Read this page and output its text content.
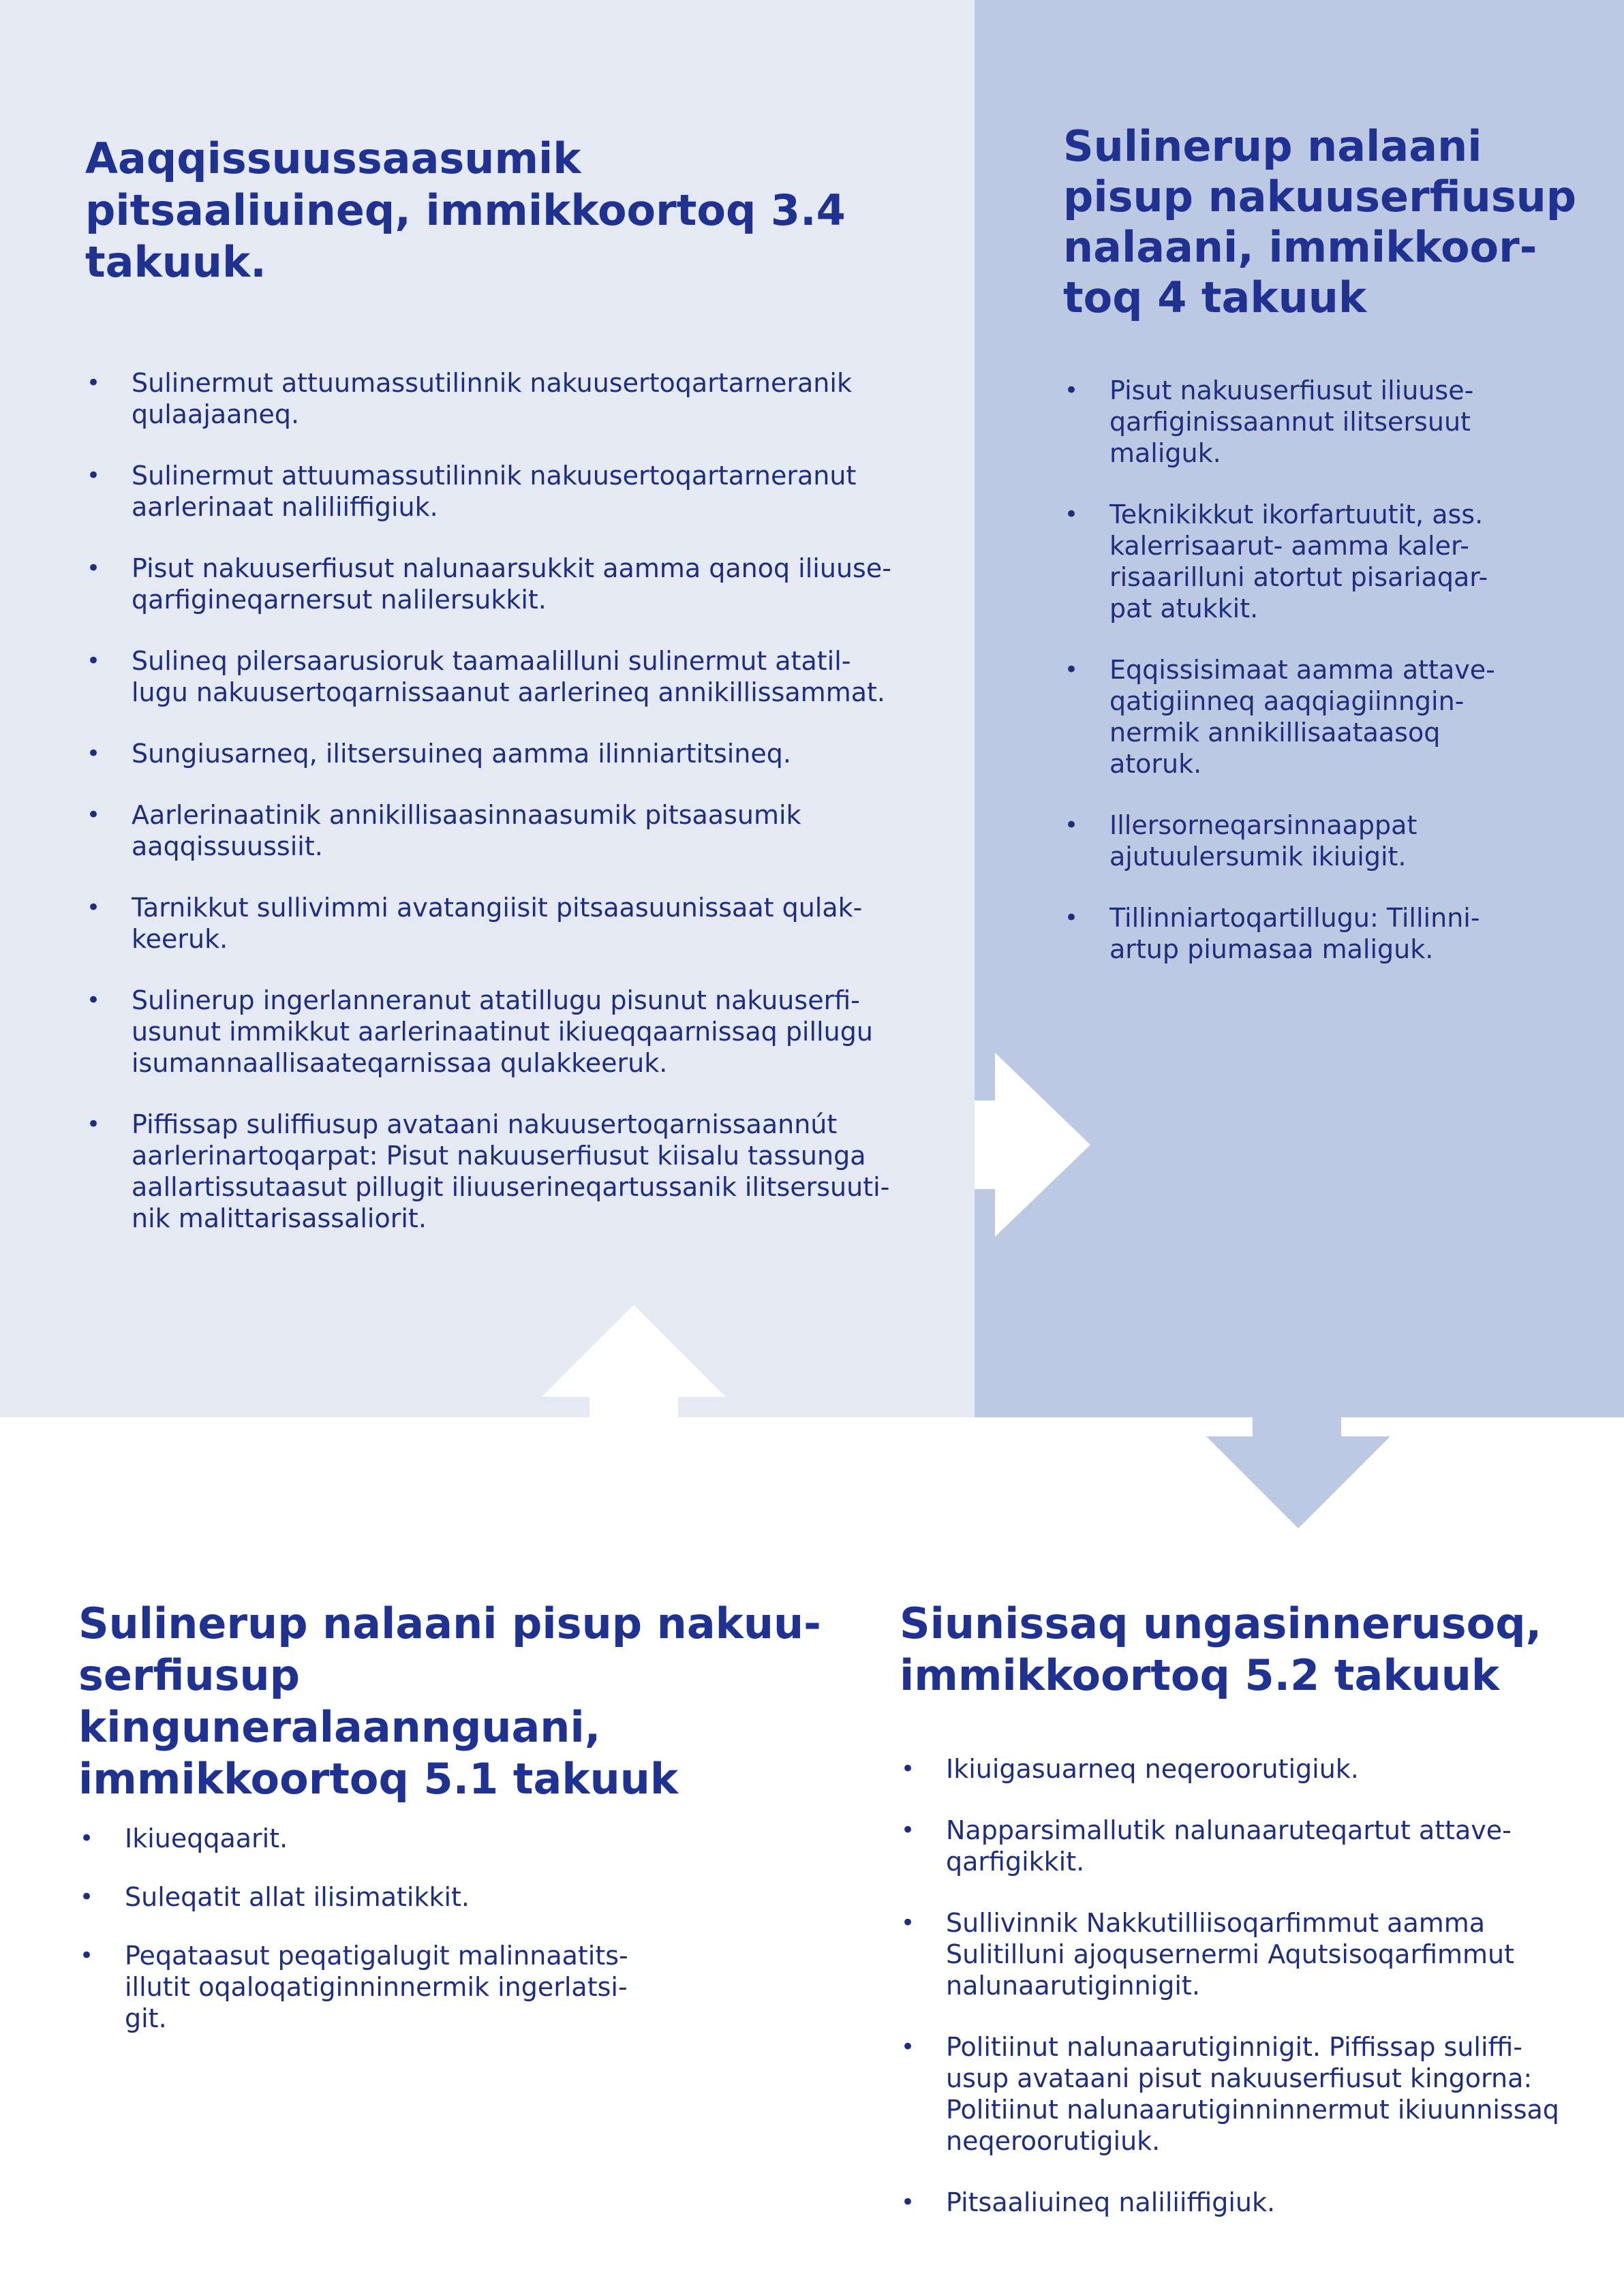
Aaqqissuussaasumik
pitsaaliuineq, immikkoortoq 3.4
takuuk.
• Sulinermut attuumassutilinnik nakuusertoqartarneranik
qulaajaaneq.
• Sulinermut attuumassutilinnik nakuusertoqartarneranut
aarlerinaat naliliiffigiuk.
• Pisut nakuuserfiusut nalunaarsukkit aamma qanoq iliuuse-
qarfigineqarnersut nalilersukkit.
• Sulineq pilersaarusioruk taamaalilluni sulinermut atatil-
lugu nakuusertoqarnissaanut aarlerineq annikillissammat.
• Sungiusarneq, ilitsersuineq aamma ilinniartitsineq.
• Aarlerinaatinik annikillisaasinnaasumik pitsaasumik
aaqqissuussiit.
• Tarnikkut sullivimmi avatangiisit pitsaasuunissaat qulak-
keeruk.
• Sulinerup ingerlanneranut atatillugu pisunut nakuuserfi-
usunut immikkut aarlerinaatinut ikiueqqaarnissaq pillugu
isumannaallisaateqarnissaa qulakkeeruk.
• Piffissap suliffiusup avataani nakuusertoqarnissaannút
aarlerinartoqarpat: Pisut nakuuserfiusut kiisalu tassunga
aallartissutaasut pillugit iliuuserineqartussanik ilitsersuuti-
nik malittarisassaliorit.
Sulinerup nalaani
pisup nakuuserfiusup
nalaani, immikkoor-
toq 4 takuuk
• Pisut nakuuserfiusut iliuuse-
qarfiginissaannut ilitsersuut
maliguk.
• Teknikikkut ikorfartuutit, ass.
kalerrisaarut- aamma kaler-
risaarilluni atortut pisariaqar-
pat atukkit.
• Eqqissisimaat aamma attave-
qatigiinneq aaqqiagiinngin-
nermik annikillisaataasoq
atoruk.
• Illersorneqarsinnaappat
ajutuulersumik ikiuigit.
• Tillinniartoqartillugu: Tillinni-
artup piumasaa maliguk.
Sulinerup nalaani pisup nakuu-
serfiusup kinguneralaannguani,
immikkoortoq 5.1 takuuk
• Ikiueqqaarit.
• Suleqatit allat ilisimatikkit.
• Peqataasut peqatigalugit malinnaatits-
illutit oqaloqatiginninnermik ingerlatsi-
git.
Siunissaq ungasinnerusoq,
immikkoortoq 5.2 takuuk
• Ikiuigasuarneq neqeroorutigiuk.
• Napparsimallutik nalunaaruteqartut attave-
qarfigikkit.
• Sullivinnik Nakkutilliisoqarfimmut aamma
Sulitilluni ajoqusernermi Aqutsisoqarfimmut
nalunaarutiginnigit.
• Politiinut nalunaarutiginnigit. Piffissap suliffi-
usup avataani pisut nakuuserfiusut kingorna:
Politiinut nalunaarutiginninnermut ikiuunnissaq
neqeroorutigiuk.
• Pitsaaliuineq naliliiffigiuk.
